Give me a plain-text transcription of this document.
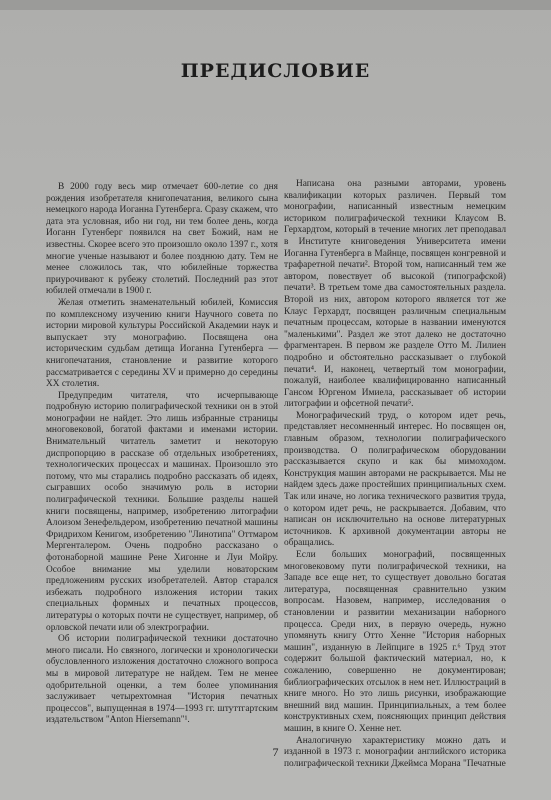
ПРЕДИСЛОВИЕ

В 2000 году весь мир отмечает 600-летие со дня рождения изобретателя книгопечатания, великого сына немецкого народа Иоганна Гутенберга. Сразу скажем, что дата эта условная, ибо ни год, ни тем более день, когда Иоганн Гутенберг появился на свет Божий, нам не известны. Скорее всего это произошло около 1397 г., хотя многие ученые называют и более позднюю дату. Тем не менее сложилось так, что юбилейные торжества приурочивают к рубежу столетий. Последний раз этот юбилей отмечали в 1900 г.

Желая отметить знаменательный юбилей, Комиссия по комплексному изучению книги Научного совета по истории мировой культуры Российской Академии наук и выпускает эту монографию. Посвящена она историческим судьбам детища Иоганна Гутенберга — книгопечатания, становление и развитие которого рассматривается с середины XV и примерно до середины XX столетия.

Предупредим читателя, что исчерпывающе подробную историю полиграфической техники он в этой монографии не найдет. Это лишь избранные страницы многовековой, богатой фактами и именами истории. Внимательный читатель заметит и некоторую диспропорцию в рассказе об отдельных изобретениях, технологических процессах и машинах. Произошло это потому, что мы старались подробно рассказать об идеях, сыгравших особо значимую роль в истории полиграфической техники. Большие разделы нашей книги посвящены, например, изобретению литографии Алоизом Зенефельдером, изобретению печатной машины Фридрихом Кенигом, изобретению "Линотипа" Оттмаром Мергенталером. Очень подробно рассказано о фотонаборной машине Рене Хигонне и Луи Мойру. Особое внимание мы уделили новаторским предложениям русских изобретателей. Автор старался избежать подробного изложения истории таких специальных формных и печатных процессов, литературы о которых почти не существует, например, об орловской печати или об электрографии.

Об истории полиграфической техники достаточно много писали. Но связного, логически и хронологически обусловленного изложения достаточно сложного вопроса мы в мировой литературе не найдем. Тем не менее одобрительной оценки, а тем более упоминания заслуживает четырехтомная "История печатных процессов", выпущенная в 1974—1993 гг. штуттгартским издательством "Anton Hiersemann"¹.

Написана она разными авторами, уровень квалификации которых различен. Первый том монографии, написанный известным немецким историком полиграфической техники Клаусом В. Герхардтом, который в течение многих лет преподавал в Институте книговедения Университета имени Иоганна Гутенберга в Майнце, посвящен конгревной и трафаретной печати². Второй том, написанный тем же автором, повествует об высокой (типографской) печати³. В третьем томе два самостоятельных раздела. Второй из них, автором которого является тот же Клаус Герхардт, посвящен различным специальным печатным процессам, которые в названии именуются "маленькими". Раздел же этот далеко не достаточно фрагментарен. В первом же разделе Отто М. Лилиен подробно и обстоятельно рассказывает о глубокой печати⁴. И, наконец, четвертый том монографии, пожалуй, наиболее квалифицированно написанный Гансом Юргеном Имиела, рассказывает об истории литографии и офсетной печати⁵.

Монографический труд, о котором идет речь, представляет несомненный интерес. Но посвящен он, главным образом, технологии полиграфического производства. О полиграфическом оборудовании рассказывается скупо и как бы мимоходом. Конструкция машин авторами не раскрывается. Мы не найдем здесь даже простейших принципиальных схем. Так или иначе, но логика технического развития труда, о котором идет речь, не раскрывается. Добавим, что написан он исключительно на основе литературных источников. К архивной документации авторы не обращались.

Если больших монографий, посвященных многовековому пути полиграфической техники, на Западе все еще нет, то существует довольно богатая литература, посвященная сравнительно узким вопросам. Назовем, например, исследования о становлении и развитии механизации наборного процесса. Среди них, в первую очередь, нужно упомянуть книгу Отто Хенне "История наборных машин", изданную в Лейпциге в 1925 г.⁶ Труд этот содержит большой фактический материал, но, к сожалению, совершенно не документирован; библиографических отсылок в нем нет. Иллюстраций в книге много. Но это лишь рисунки, изображающие внешний вид машин. Принципиальных, а тем более конструктивных схем, поясняющих принцип действия машин, в книге О. Хенне нет.

Аналогичную характеристику можно дать и изданной в 1973 г. монографии английского историка полиграфической техники Джеймса Морана "Печатные

7
